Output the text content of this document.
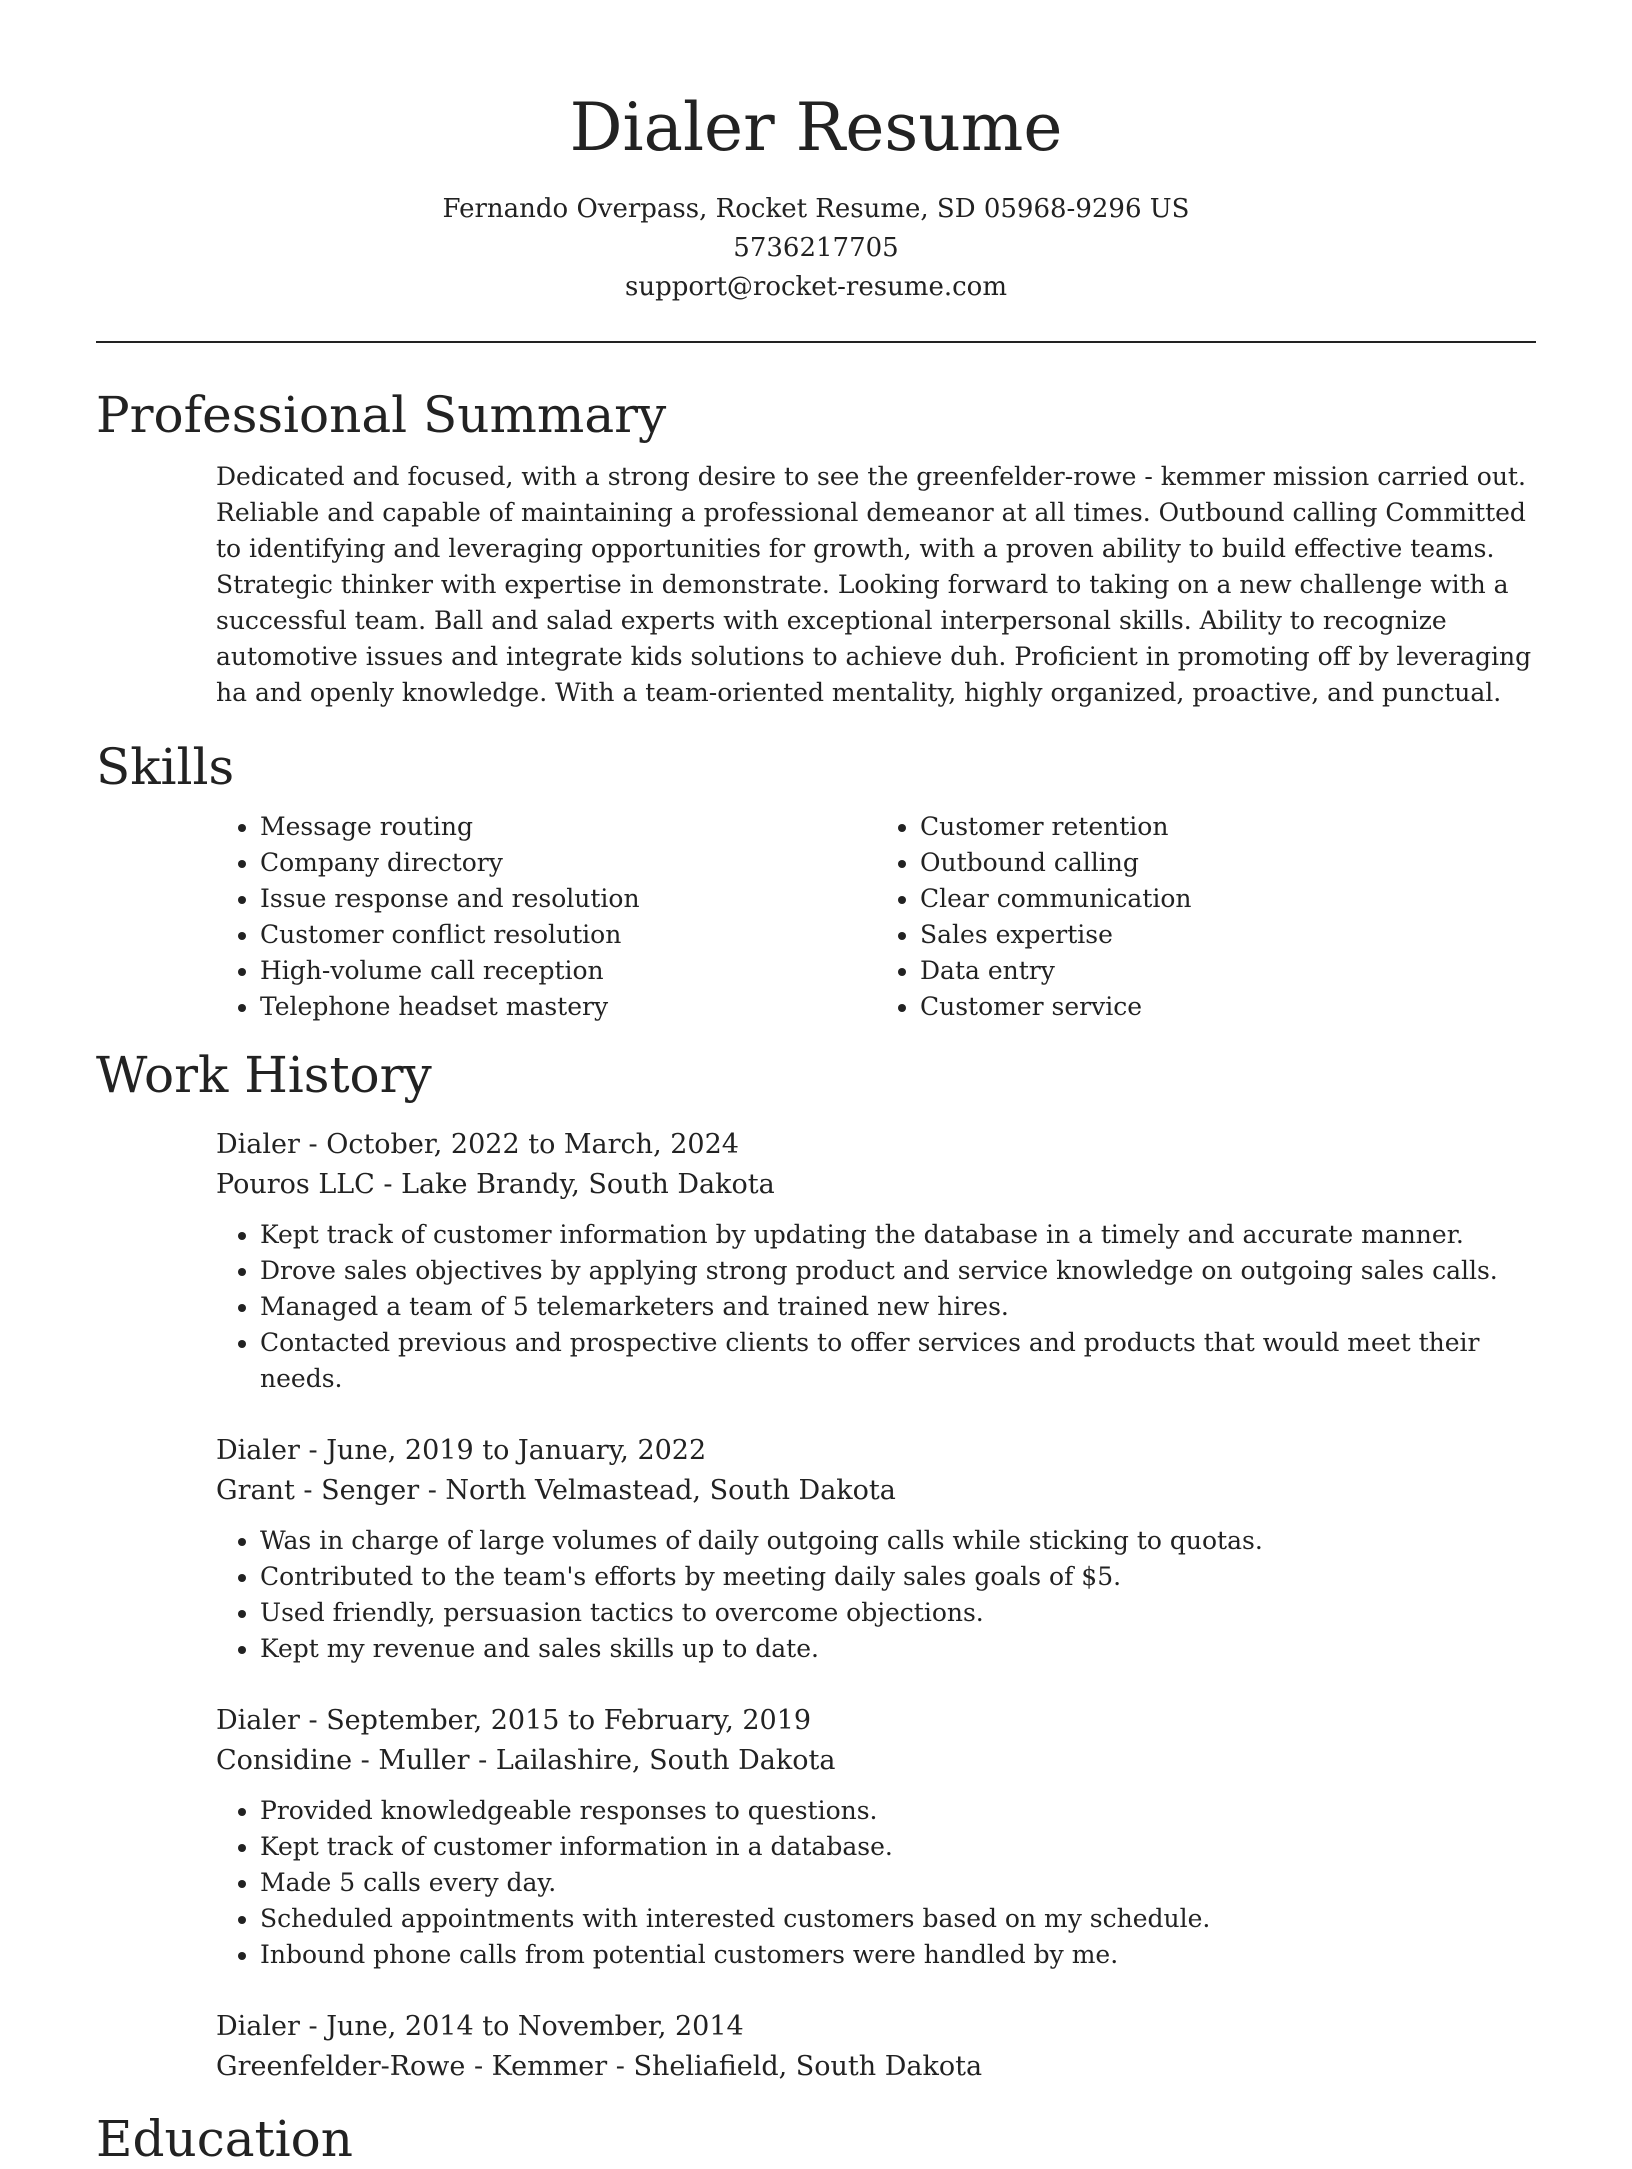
Dialer Resume
Fernando Overpass, Rocket Resume, SD 05968-9296 US
5736217705
support@rocket-resume.com
Professional Summary

Dedicated and focused, with a strong desire to see the greenfelder-rowe - kemmer mission carried out. Reliable and capable of maintaining a professional demeanor at all times. Outbound calling Committed to identifying and leveraging opportunities for growth, with a proven ability to build effective teams. Strategic thinker with expertise in demonstrate. Looking forward to taking on a new challenge with a successful team. Ball and salad experts with exceptional interpersonal skills. Ability to recognize automotive issues and integrate kids solutions to achieve duh. Proficient in promoting off by leveraging ha and openly knowledge. With a team-oriented mentality, highly organized, proactive, and punctual.

Skills
• Message routing
• Company directory
• Issue response and resolution
• Customer conflict resolution
• High-volume call reception
• Telephone headset mastery
• Customer retention
• Outbound calling
• Clear communication
• Sales expertise
• Data entry
• Customer service
Work History
Dialer - October, 2022 to March, 2024
Pouros LLC - Lake Brandy, South Dakota
• Kept track of customer information by updating the database in a timely and accurate manner.
• Drove sales objectives by applying strong product and service knowledge on outgoing sales calls.
• Managed a team of 5 telemarketers and trained new hires.
• Contacted previous and prospective clients to offer services and products that would meet their needs.
Dialer - June, 2019 to January, 2022
Grant - Senger - North Velmastead, South Dakota
• Was in charge of large volumes of daily outgoing calls while sticking to quotas.
• Contributed to the team's efforts by meeting daily sales goals of $5.
• Used friendly, persuasion tactics to overcome objections.
• Kept my revenue and sales skills up to date.
Dialer - September, 2015 to February, 2019
Considine - Muller - Lailashire, South Dakota
• Provided knowledgeable responses to questions.
• Kept track of customer information in a database.
• Made 5 calls every day.
• Scheduled appointments with interested customers based on my schedule.
• Inbound phone calls from potential customers were handled by me.
Dialer - June, 2014 to November, 2014
Greenfelder-Rowe - Kemmer - Sheliafield, South Dakota
Education
